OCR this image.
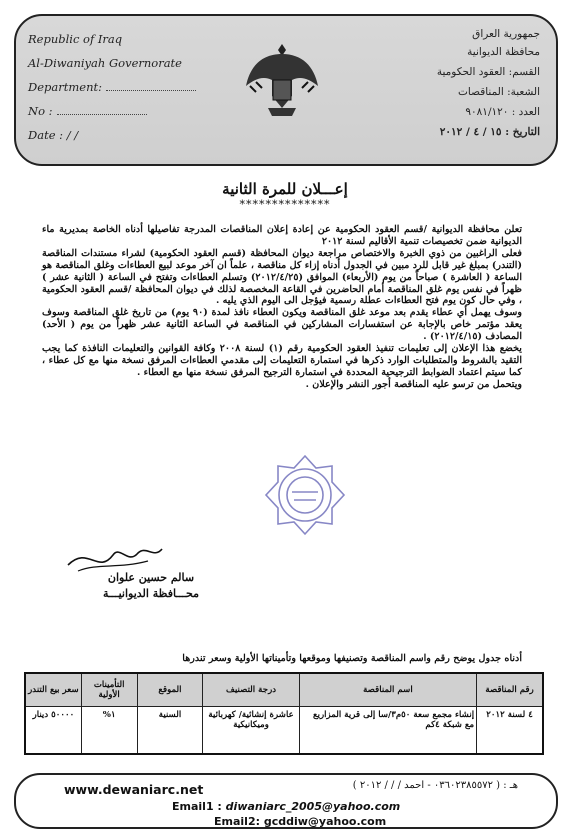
Republic of Iraq
Al-Diwaniyah Governorate
Department:
No :
Date : / /
جمهورية العراق
محافظة الديوانية
القسم: العقود الحكومية
الشعبة: المناقصات
العدد : ٩٠٨١/١٢٠
التاريخ : ١٥ / ٤ / ٢٠١٢
إعـــلان للمرة الثانية
**************

تعلن محافظة الديوانية /قسم العقود الحكومية عن إعادة إعلان المناقصات المدرجة تفاصيلها أدناه الخاصة بمديرية ماء الديوانية ضمن تخصيصات تنمية الأقاليم لسنة ٢٠١٢

فعلى الراغبين من ذوي الخبرة والاختصاص مراجعة ديوان المحافظة (قسم العقود الحكومية) لشراء مستندات المناقصة (التندر) بمبلغ غير قابل للرد مبين في الجدول أدناه إزاء كل مناقصة ، علماً ان آخر موعد لبيع العطاءات وغلق المناقصة هو الساعة ( العاشرة ) صباحاً من يوم (الأربعاء) الموافق (٢٠١٢/٤/٢٥) وتسلم العطاءات وتفتح في الساعة ( الثانية عشر ) ظهراً في نفس يوم غلق المناقصة أمام الحاضرين في القاعة المخصصة لذلك في ديوان المحافظة /قسم العقود الحكومية ، وفي حال كون يوم فتح العطاءات عطلة رسمية فيؤجل الى اليوم الذي يليه .

وسوف يهمل أي عطاء يقدم بعد موعد غلق المناقصة ويكون العطاء نافذ لمدة (٩٠ يوم) من تاريخ غلق المناقصة وسوف يعقد مؤتمر خاص بالإجابة عن استفسارات المشاركين في المناقصة في الساعة الثانية عشر ظهراً من يوم ( الأحد) المصادف (٢٠١٢/٤/١٥) .

يخضع هذا الإعلان إلى تعليمات تنفيذ العقود الحكومية رقم (١) لسنة ٢٠٠٨ وكافة القوانين والتعليمات النافذة كما يجب التقيد بالشروط والمتطلبات الوارد ذكرها في استمارة التعليمات إلى مقدمي العطاءات المرفق نسخة منها مع كل عطاء ، كما سيتم اعتماد الضوابط الترجيحية المحددة في استمارة الترجيح المرفق نسخة منها مع العطاء .

ويتحمل من ترسو عليه المناقصة أجور النشر والإعلان .

سالم حسين علوان
محـــافظة الديوانيـــة
أدناه جدول يوضح رقم واسم المناقصة وتصنيفها وموقعها وتأميناتها الأولية وسعر تندرها
رقم المناقصة	اسم المناقصة	درجة التصنيف	الموقع	التأمينات الأولية	سعر بيع التندر
٤ لسنة ٢٠١٢	إنشاء مجمع سعة ٥٠م٣/سا إلى قرية المزاريع مع شبكة ٤كم	عاشرة إنشائية/ كهربائية وميكانيكية	السنية	١%	٥٠٠٠٠ دينار
www.dewaniarc.net	هـ : ( ٠٣٦٠٢٣٨٥٥٧٢ - احمد / / / ٢٠١٢ )
Email1 : diwaniarc_2005@yahoo.com
Email2: gcddiw@yahoo.com
